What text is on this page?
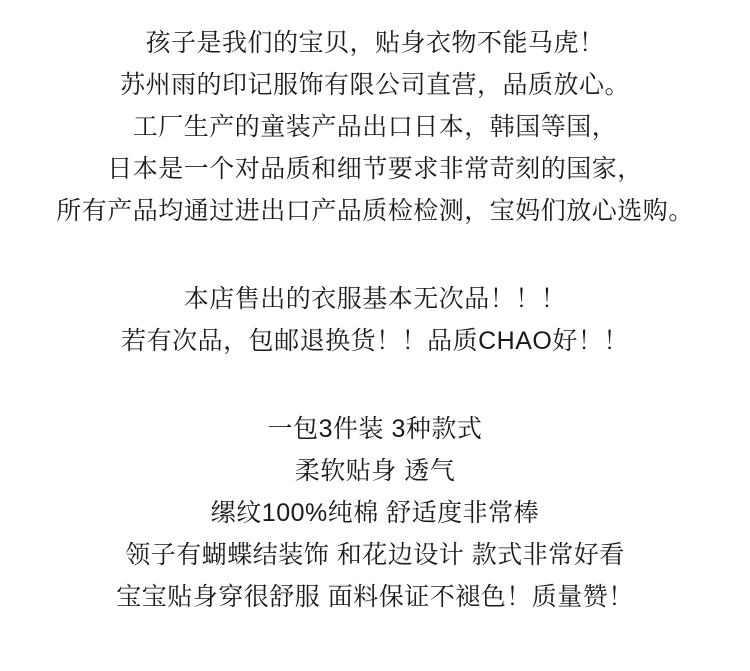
孩子是我们的宝贝，贴身衣物不能马虎！
苏州雨的印记服饰有限公司直营，品质放心。
工厂生产的童装产品出口日本，韩国等国，
日本是一个对品质和细节要求非常苛刻的国家，
所有产品均通过进出口产品质检检测，宝妈们放心选购。
本店售出的衣服基本无次品！！！
若有次品，包邮退换货！！品质CHAO好！！
一包3件装 3种款式
柔软贴身 透气
缧纹100%纯棉 舒适度非常棒
领子有蝴蝶结装饰 和花边设计 款式非常好看
宝宝贴身穿很舒服 面料保证不褪色！质量赞！
